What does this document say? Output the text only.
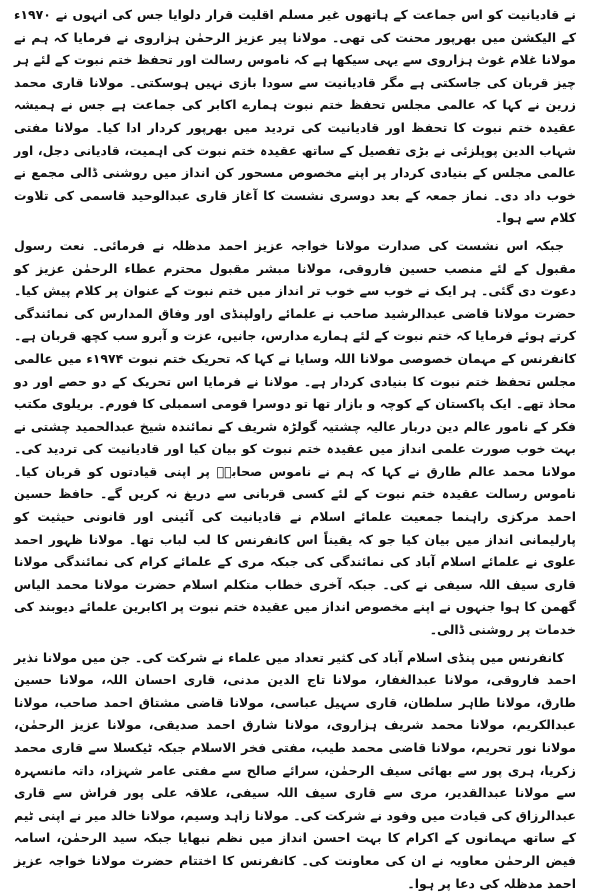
نے قادیانیت کو اس جماعت کے ہاتھوں غیر مسلم اقلیت قرار دلوایا جس کی انہوں نے ۱۹۷۰ء کے الیکشن میں بھرپور محنت کی تھی۔ مولانا پیر عزیز الرحمٰن ہزاروی نے فرمایا کہ ہم نے مولانا غلام غوث ہزاروی سے یہی سیکھا ہے کہ ناموس رسالت اور تحفظ ختم نبوت کے لئے ہر چیز قربان کی جاسکتی ہے مگر قادیانیت سے سودا بازی نہیں ہوسکتی۔ مولانا قاری محمد زرین نے کہا کہ عالمی مجلس تحفظ ختم نبوت ہمارے اکابر کی جماعت ہے جس نے ہمیشہ عقیدہ ختم نبوت کا تحفظ اور قادیانیت کی تردید میں بھرپور کردار ادا کیا۔ مولانا مفتی شہاب الدین پوپلزئی نے بڑی تفصیل کے ساتھ عقیدہ ختم نبوت کی اہمیت، قادیانی دجل، اور عالمی مجلس کے بنیادی کردار پر اپنے مخصوص مسحور کن انداز میں روشنی ڈالی مجمع نے خوب داد دی۔ نماز جمعہ کے بعد دوسری نشست کا آغاز قاری عبدالوحید قاسمی کی تلاوت کلام سے ہوا۔

جبکہ اس نشست کی صدارت مولانا خواجہ عزیز احمد مدظلہ نے فرمائی۔ نعت رسول مقبول کے لئے منصب حسین فاروقی، مولانا مبشر مقبول محترم عطاء الرحمٰن عزیز کو دعوت دی گئی۔ ہر ایک نے خوب سے خوب تر انداز میں ختم نبوت کے عنوان پر کلام پیش کیا۔ حضرت مولانا قاضی عبدالرشید صاحب نے علمائے راولپنڈی اور وفاق المدارس کی نمائندگی کرتے ہوئے فرمایا کہ ختم نبوت کے لئے ہمارے مدارس، جانیں، عزت و آبرو سب کچھ قربان ہے۔ کانفرنس کے مہمان خصوصی مولانا اللہ وسایا نے کہا کہ تحریک ختم نبوت ۱۹۷۴ء میں عالمی مجلس تحفظ ختم نبوت کا بنیادی کردار ہے۔ مولانا نے فرمایا اس تحریک کے دو حصے اور دو محاذ تھے۔ ایک پاکستان کے کوچہ و بازار تھا تو دوسرا قومی اسمبلی کا فورم۔ بریلوی مکتب فکر کے نامور عالم دین دربار عالیہ چشتیہ گولڑہ شریف کے نمائندہ شیخ عبدالحمید چشتی نے بہت خوب صورت علمی انداز میں عقیدہ ختم نبوت کو بیان کیا اور قادیانیت کی تردید کی۔ مولانا محمد عالم طارق نے کہا کہ ہم نے ناموس صحابہؓ پر اپنی قیادتوں کو قربان کیا۔ ناموس رسالت عقیدہ ختم نبوت کے لئے کسی قربانی سے دریغ نہ کریں گے۔ حافظ حسین احمد مرکزی راہنما جمعیت علمائے اسلام نے قادیانیت کی آئینی اور قانونی حیثیت کو پارلیمانی انداز میں بیان کیا جو کہ یقیناً اس کانفرنس کا لب لباب تھا۔ مولانا ظہور احمد علوی نے علمائے اسلام آباد کی نمائندگی کی جبکہ مری کے علمائے کرام کی نمائندگی مولانا قاری سیف اللہ سیفی نے کی۔ جبکہ آخری خطاب متکلم اسلام حضرت مولانا محمد الیاس گھمن کا ہوا جنہوں نے اپنے مخصوص انداز میں عقیدہ ختم نبوت پر اکابرین علمائے دیوبند کی خدمات پر روشنی ڈالی۔

کانفرنس میں پنڈی اسلام آباد کی کثیر تعداد میں علماء نے شرکت کی۔ جن میں مولانا نذیر احمد فاروقی، مولانا عبدالغفار، مولانا تاج الدین مدنی، قاری احسان اللہ، مولانا حسین طارق، مولانا طاہر سلطان، قاری سہیل عباسی، مولانا قاضی مشتاق احمد صاحب، مولانا عبدالکریم، مولانا محمد شریف ہزاروی، مولانا شارق احمد صدیقی، مولانا عزیز الرحمٰن، مولانا نور تحریم، مولانا قاضی محمد طیب، مفتی فخر الاسلام جبکہ ٹیکسلا سے قاری محمد زکریا، ہری پور سے بھائی سیف الرحمٰن، سرائے صالح سے مفتی عامر شہزاد، داتہ مانسہرہ سے مولانا عبدالقدیر، مری سے قاری سیف اللہ سیفی، علاقہ علی پور فراش سے قاری عبدالرزاق کی قیادت میں وفود نے شرکت کی۔ مولانا زاہد وسیم، مولانا خالد میر نے اپنی ٹیم کے ساتھ مہمانوں کے اکرام کا بہت احسن انداز میں نظم نبھایا جبکہ سید الرحمٰن، اسامہ فیض الرحمٰن معاویہ نے ان کی معاونت کی۔ کانفرنس کا اختتام حضرت مولانا خواجہ عزیز احمد مدظلہ کی دعا پر ہوا۔
